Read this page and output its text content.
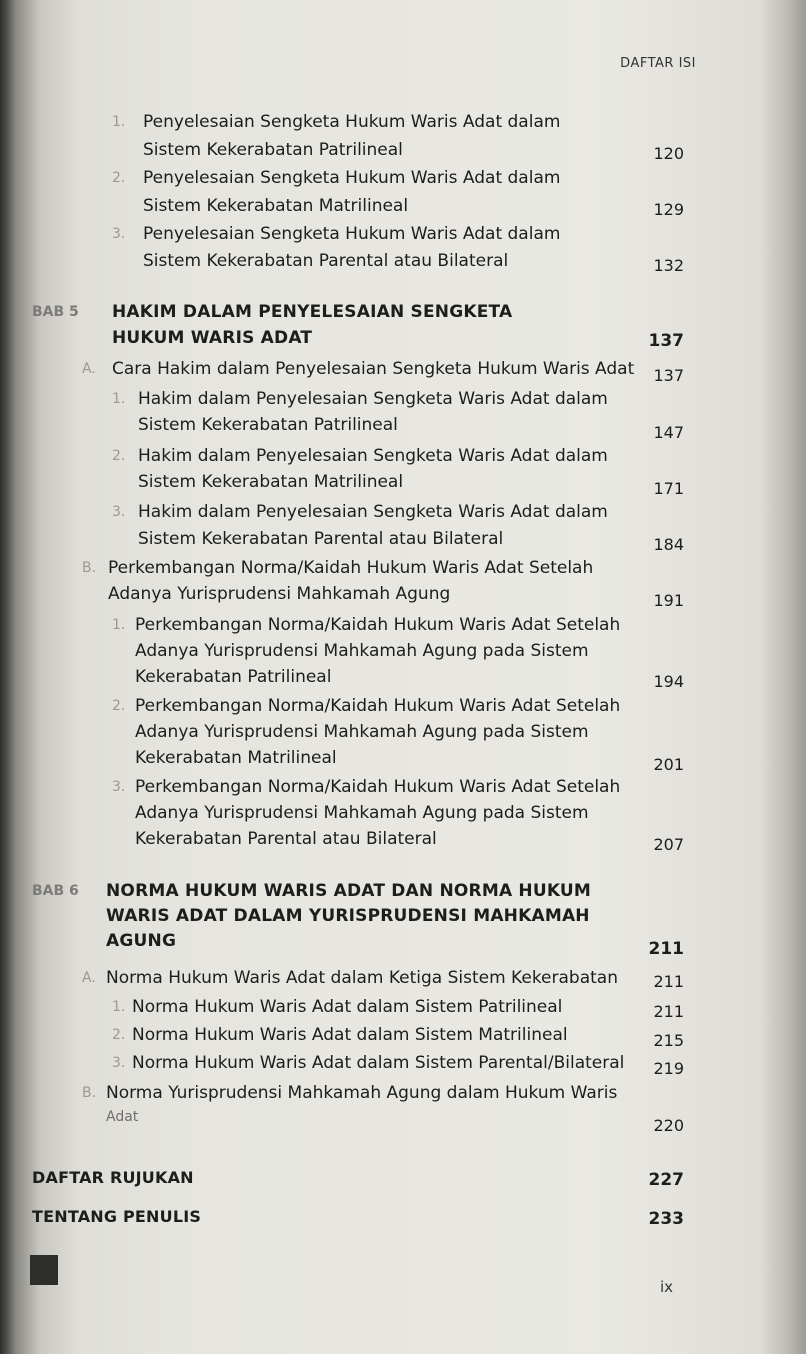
DAFTAR ISI
1. Penyelesaian Sengketa Hukum Waris Adat dalam
Sistem Kekerabatan Patrilineal	120
2. Penyelesaian Sengketa Hukum Waris Adat dalam
Sistem Kekerabatan Matrilineal	129
3. Penyelesaian Sengketa Hukum Waris Adat dalam
Sistem Kekerabatan Parental atau Bilateral	132
BAB 5 HAKIM DALAM PENYELESAIAN SENGKETA
HUKUM WARIS ADAT	137
A. Cara Hakim dalam Penyelesaian Sengketa Hukum Waris Adat 137
1. Hakim dalam Penyelesaian Sengketa Waris Adat dalam
Sistem Kekerabatan Patrilineal	147
2. Hakim dalam Penyelesaian Sengketa Waris Adat dalam
Sistem Kekerabatan Matrilineal	171
3. Hakim dalam Penyelesaian Sengketa Waris Adat dalam
Sistem Kekerabatan Parental atau Bilateral	184
B. Perkembangan Norma/Kaidah Hukum Waris Adat Setelah
Adanya Yurisprudensi Mahkamah Agung	191
1. Perkembangan Norma/Kaidah Hukum Waris Adat Setelah
Adanya Yurisprudensi Mahkamah Agung pada Sistem
Kekerabatan Patrilineal	194
2. Perkembangan Norma/Kaidah Hukum Waris Adat Setelah
Adanya Yurisprudensi Mahkamah Agung pada Sistem
Kekerabatan Matrilineal	201
3. Perkembangan Norma/Kaidah Hukum Waris Adat Setelah
Adanya Yurisprudensi Mahkamah Agung pada Sistem
Kekerabatan Parental atau Bilateral	207
BAB 6 NORMA HUKUM WARIS ADAT DAN NORMA HUKUM
WARIS ADAT DALAM YURISPRUDENSI MAHKAMAH
AGUNG	211
A. Norma Hukum Waris Adat dalam Ketiga Sistem Kekerabatan 211
1. Norma Hukum Waris Adat dalam Sistem Patrilineal	211
2. Norma Hukum Waris Adat dalam Sistem Matrilineal	215
3. Norma Hukum Waris Adat dalam Sistem Parental/Bilateral 219
B. Norma Yurisprudensi Mahkamah Agung dalam Hukum Waris
Adat	220
DAFTAR RUJUKAN	227
TENTANG PENULIS	233
ix
